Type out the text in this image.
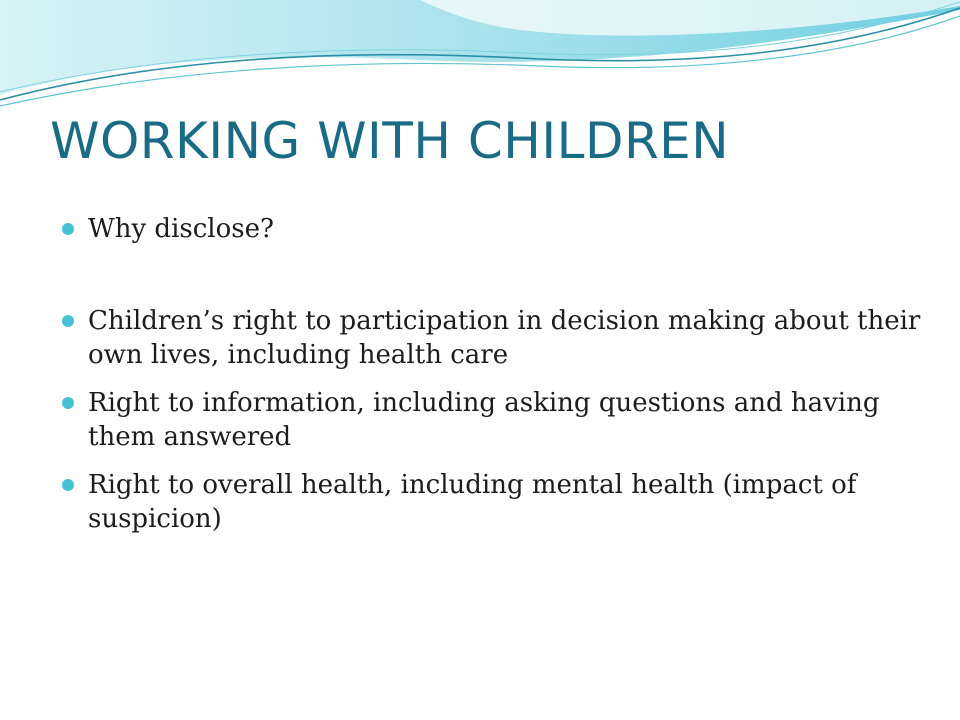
WORKING WITH CHILDREN
Why disclose?
Children’s right to participation in decision making about their own lives, including health care
Right to information, including asking questions and having them answered
Right to overall health, including mental health (impact of suspicion)
